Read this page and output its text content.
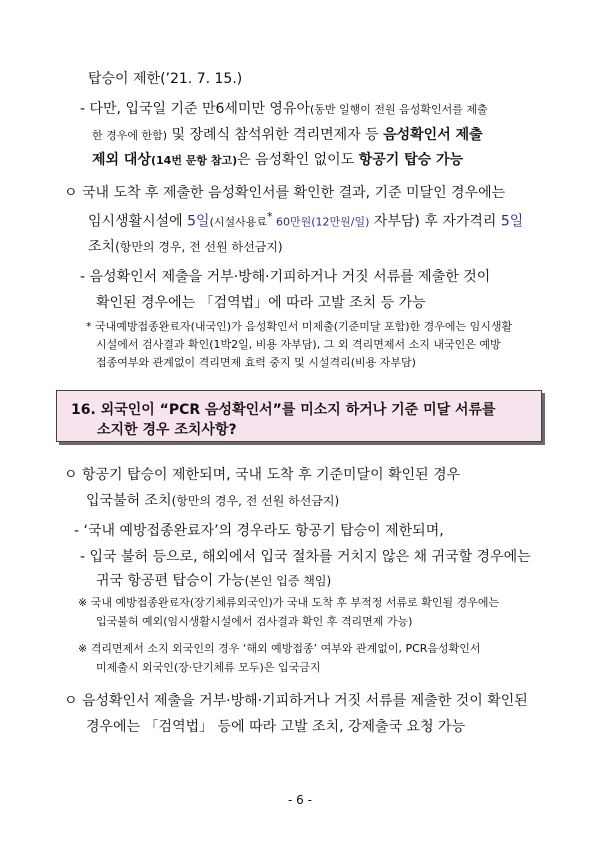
탑승이 제한(’21. 7. 15.)
- 다만, 입국일 기준 만6세미만 영유아(동반 일행이 전원 음성확인서를 제출
한 경우에 한함) 및 장례식 참석위한 격리면제자 등 음성확인서 제출
제외 대상(14번 문항 참고)은 음성확인 없이도 항공기 탑승 가능
ㅇ 국내 도착 후 제출한 음성확인서를 확인한 결과, 기준 미달인 경우에는
임시생활시설에 5일(시설사용료* 60만원(12만원/일) 자부담) 후 자가격리 5일
조치(항만의 경우, 전 선원 하선금지)
- 음성확인서 제출을 거부·방해·기피하거나 거짓 서류를 제출한 것이
확인된 경우에는 「검역법」에 따라 고발 조치 등 가능
* 국내예방접종완료자(내국인)가 음성확인서 미제출(기준미달 포함)한 경우에는 임시생활
시설에서 검사결과 확인(1박2일, 비용 자부담), 그 외 격리면제서 소지 내국인은 예방
접종여부와 관계없이 격리면제 효력 중지 및 시설격리(비용 자부담)
16. 외국인이 “PCR 음성확인서”를 미소지 하거나 기준 미달 서류를
소지한 경우 조치사항?
ㅇ 항공기 탑승이 제한되며, 국내 도착 후 기준미달이 확인된 경우
입국불허 조치(항만의 경우, 전 선원 하선금지)
- ‘국내 예방접종완료자’의 경우라도 항공기 탑승이 제한되며,
- 입국 불허 등으로, 해외에서 입국 절차를 거치지 않은 채 귀국할 경우에는
귀국 항공편 탑승이 가능(본인 입증 책임)
※ 국내 예방접종완료자(장기체류외국인)가 국내 도착 후 부적정 서류로 확인될 경우에는
입국불허 예외(임시생활시설에서 검사결과 확인 후 격리면제 가능)
※ 격리면제서 소지 외국인의 경우 ‘해외 예방접종’ 여부와 관계없이, PCR음성확인서
미제출시 외국인(장·단기체류 모두)은 입국금지
ㅇ 음성확인서 제출을 거부·방해·기피하거나 거짓 서류를 제출한 것이 확인된
경우에는 「검역법」 등에 따라 고발 조치, 강제출국 요청 가능
- 6 -
